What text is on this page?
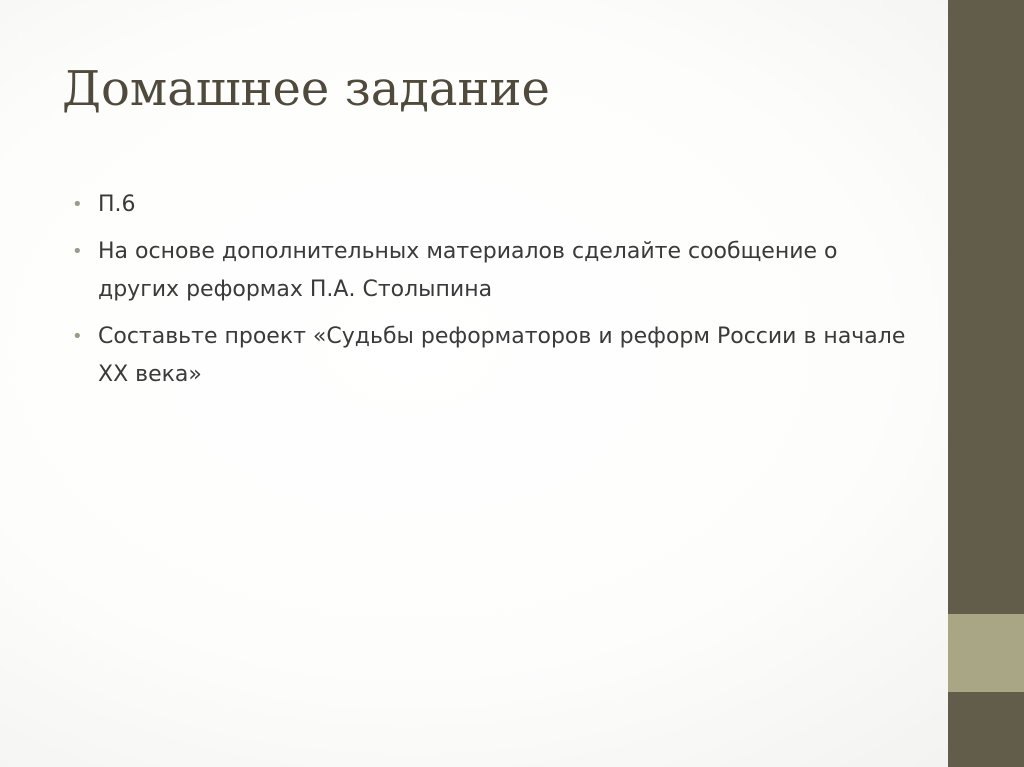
Домашнее задание
• П.6
• На основе дополнительных материалов сделайте сообщение о других реформах П.А. Столыпина
• Составьте проект «Судьбы реформаторов и реформ России в начале XX века»
